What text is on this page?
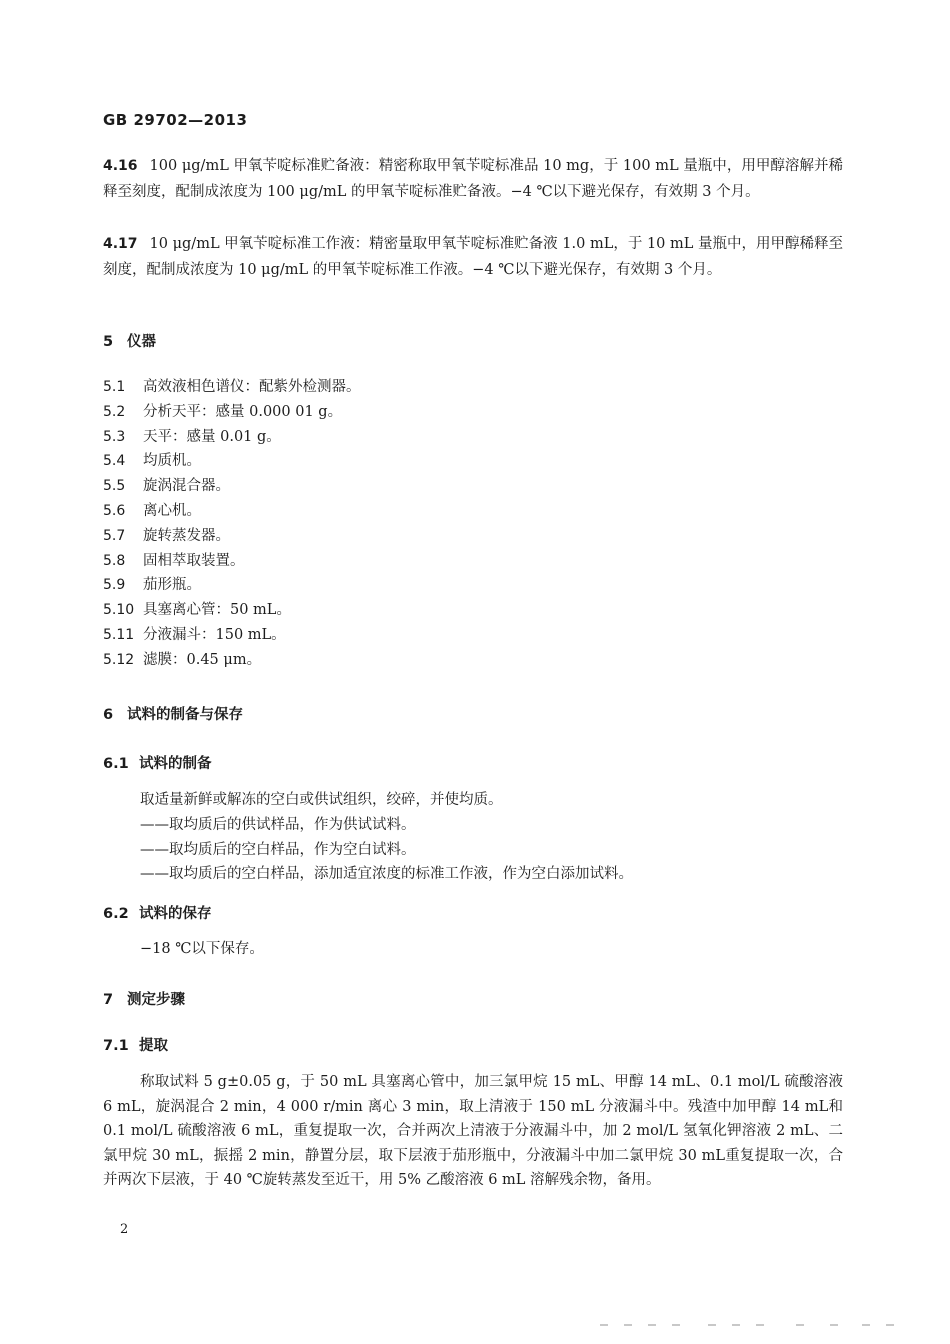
GB 29702—2013
4.16 100 μg/mL 甲氧苄啶标准贮备液：精密称取甲氧苄啶标准品 10 mg，于 100 mL 量瓶中，用甲醇溶解并稀释至刻度，配制成浓度为 100 μg/mL 的甲氧苄啶标准贮备液。−4 ℃以下避光保存，有效期 3 个月。
4.17 10 μg/mL 甲氧苄啶标准工作液：精密量取甲氧苄啶标准贮备液 1.0 mL，于 10 mL 量瓶中，用甲醇稀释至刻度，配制成浓度为 10 μg/mL 的甲氧苄啶标准工作液。−4 ℃以下避光保存，有效期 3 个月。
5 仪器
5.1 高效液相色谱仪：配紫外检测器。
5.2 分析天平：感量 0.000 01 g。
5.3 天平：感量 0.01 g。
5.4 均质机。
5.5 旋涡混合器。
5.6 离心机。
5.7 旋转蒸发器。
5.8 固相萃取装置。
5.9 茄形瓶。
5.10 具塞离心管：50 mL。
5.11 分液漏斗：150 mL。
5.12 滤膜：0.45 μm。
6 试料的制备与保存
6.1 试料的制备
取适量新鲜或解冻的空白或供试组织，绞碎，并使均质。
——取均质后的供试样品，作为供试试料。
——取均质后的空白样品，作为空白试料。
——取均质后的空白样品，添加适宜浓度的标准工作液，作为空白添加试料。
6.2 试料的保存
−18 ℃以下保存。
7 测定步骤
7.1 提取
称取试料 5 g±0.05 g，于 50 mL 具塞离心管中，加三氯甲烷 15 mL、甲醇 14 mL、0.1 mol/L 硫酸溶液 6 mL，旋涡混合 2 min，4 000 r/min 离心 3 min，取上清液于 150 mL 分液漏斗中。残渣中加甲醇 14 mL和 0.1 mol/L 硫酸溶液 6 mL，重复提取一次，合并两次上清液于分液漏斗中，加 2 mol/L 氢氧化钾溶液 2 mL、二氯甲烷 30 mL，振摇 2 min，静置分层，取下层液于茄形瓶中，分液漏斗中加二氯甲烷 30 mL重复提取一次，合并两次下层液，于 40 ℃旋转蒸发至近干，用 5% 乙酸溶液 6 mL 溶解残余物，备用。
2
